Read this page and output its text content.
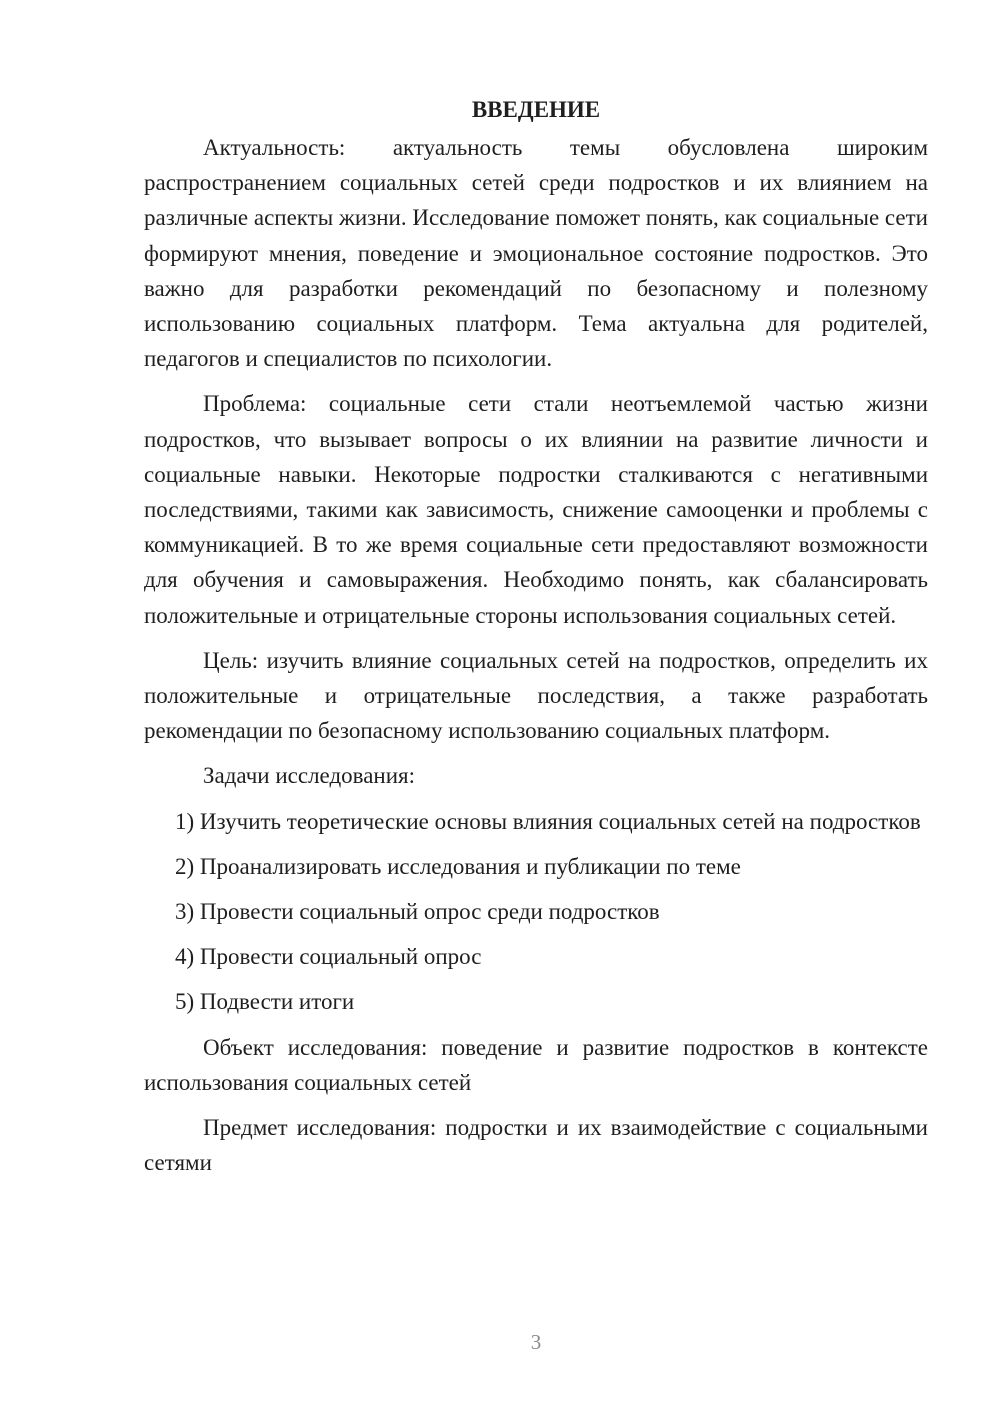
ВВЕДЕНИЕ

Актуальность: актуальность темы обусловлена широким распространением социальных сетей среди подростков и их влиянием на различные аспекты жизни. Исследование поможет понять, как социальные сети формируют мнения, поведение и эмоциональное состояние подростков. Это важно для разработки рекомендаций по безопасному и полезному использованию социальных платформ. Тема актуальна для родителей, педагогов и специалистов по психологии.

Проблема: социальные сети стали неотъемлемой частью жизни подростков, что вызывает вопросы о их влиянии на развитие личности и социальные навыки. Некоторые подростки сталкиваются с негативными последствиями, такими как зависимость, снижение самооценки и проблемы с коммуникацией. В то же время социальные сети предоставляют возможности для обучения и самовыражения. Необходимо понять, как сбалансировать положительные и отрицательные стороны использования социальных сетей.

Цель: изучить влияние социальных сетей на подростков, определить их положительные и отрицательные последствия, а также разработать рекомендации по безопасному использованию социальных платформ.

Задачи исследования:

1) Изучить теоретические основы влияния социальных сетей на подростков

2) Проанализировать исследования и публикации по теме

3) Провести социальный опрос среди подростков

4) Провести социальный опрос

5) Подвести итоги

Объект исследования: поведение и развитие подростков в контексте использования социальных сетей

Предмет исследования: подростки и их взаимодействие с социальными сетями

3
